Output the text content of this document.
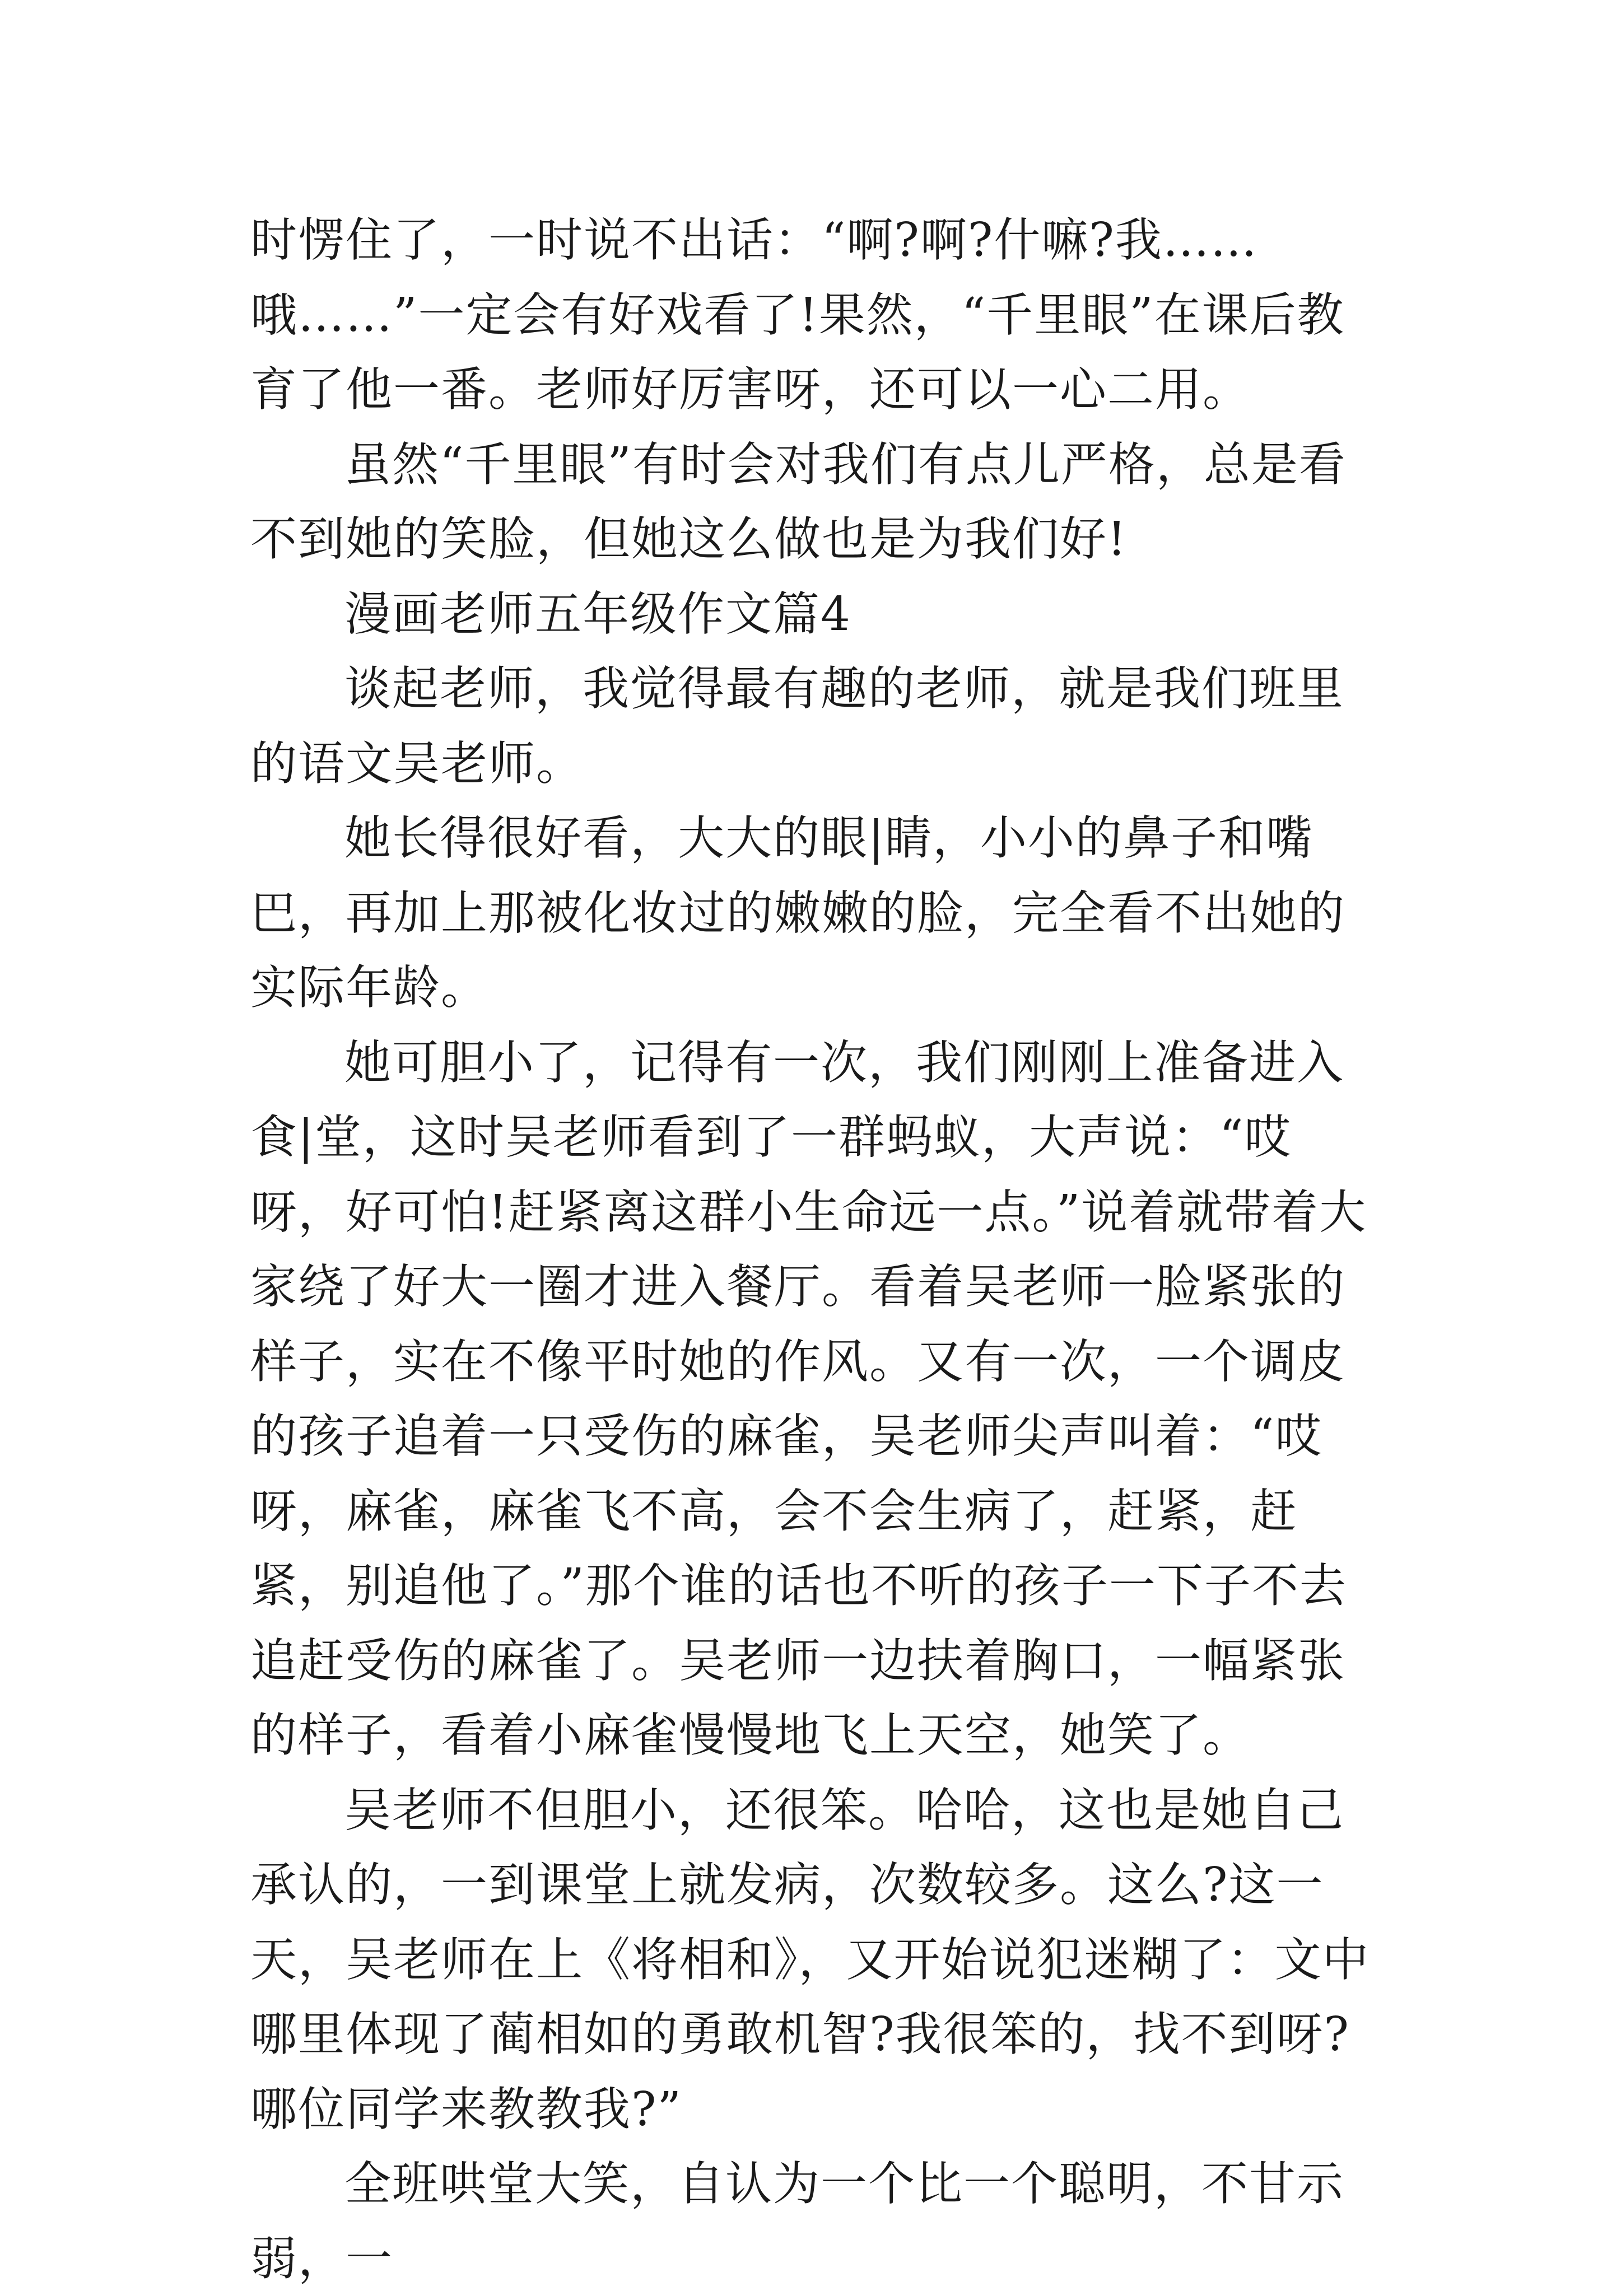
时愣住了，一时说不出话：“啊?啊?什嘛?我……哦……”一定会有好戏看了!果然，“千里眼”在课后教育了他一番。老师好厉害呀，还可以一心二用。

虽然“千里眼”有时会对我们有点儿严格，总是看不到她的笑脸，但她这么做也是为我们好!

漫画老师五年级作文篇4

谈起老师，我觉得最有趣的老师，就是我们班里的语文吴老师。

她长得很好看，大大的眼|睛，小小的鼻子和嘴巴，再加上那被化妆过的嫩嫩的脸，完全看不出她的实际年龄。

她可胆小了，记得有一次，我们刚刚上准备进入食|堂，这时吴老师看到了一群蚂蚁，大声说：“哎呀，好可怕!赶紧离这群小生命远一点。”说着就带着大家绕了好大一圈才进入餐厅。看着吴老师一脸紧张的样子，实在不像平时她的作风。又有一次，一个调皮的孩子追着一只受伤的麻雀，吴老师尖声叫着：“哎呀，麻雀，麻雀飞不高，会不会生病了，赶紧，赶紧，别追他了。”那个谁的话也不听的孩子一下子不去追赶受伤的麻雀了。吴老师一边扶着胸口，一幅紧张的样子，看着小麻雀慢慢地飞上天空，她笑了。

吴老师不但胆小，还很笨。哈哈，这也是她自己承认的，一到课堂上就发病，次数较多。这么?这一天，吴老师在上《将相和》，又开始说犯迷糊了：文中哪里体现了蔺相如的勇敢机智?我很笨的，找不到呀?哪位同学来教教我?”

全班哄堂大笑，自认为一个比一个聪明，不甘示弱，一
